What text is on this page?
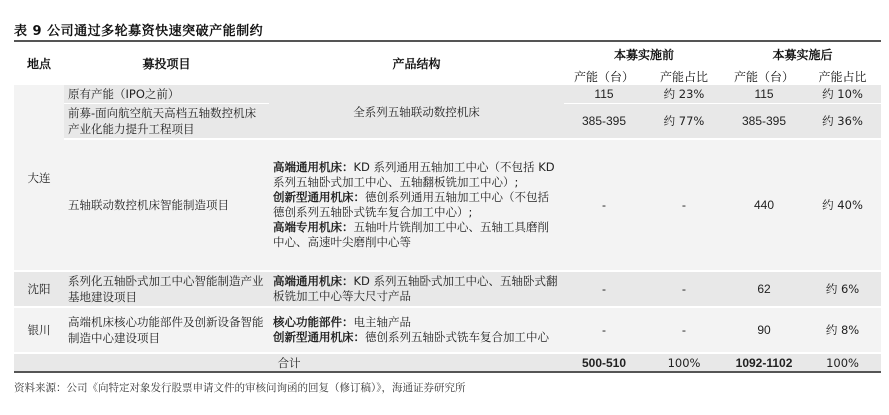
表 9 公司通过多轮募资快速突破产能制约
地点	募投项目	产品结构	本募实施前		本募实施后	
			产能（台）	产能占比	产能（台）	产能占比
大连	原有产能（IPO之前）	全系列五轴联动数控机床	115	约 23%	115	约 10%
	前募-面向航空航天高档五轴数控机床产业化能力提升工程项目		385-395	约 77%	385-395	约 36%
	五轴联动数控机床智能制造项目	高端通用机床：KD 系列通用五轴加工中心（不包括 KD 系列五轴卧式加工中心、五轴翻板铣加工中心）;
创新型通用机床：德创系列通用五轴加工中心（不包括德创系列五轴卧式铣车复合加工中心）;
高端专用机床：五轴叶片铣削加工中心、五轴工具磨削中心、高速叶尖磨削中心等	-	-	440	约 40%
沈阳	系列化五轴卧式加工中心智能制造产业基地建设项目	高端通用机床：KD 系列五轴卧式加工中心、五轴卧式翻板铣加工中心等大尺寸产品	-	-	62	约 6%
银川	高端机床核心功能部件及创新设备智能制造中心建设项目	核心功能部件：电主轴产品
创新型通用机床：德创系列五轴卧式铣车复合加工中心	-	-	90	约 8%
合计			500-510	100%	1092-1102	100%
资料来源：公司《向特定对象发行股票申请文件的审核问询函的回复（修订稿）》，海通证券研究所
